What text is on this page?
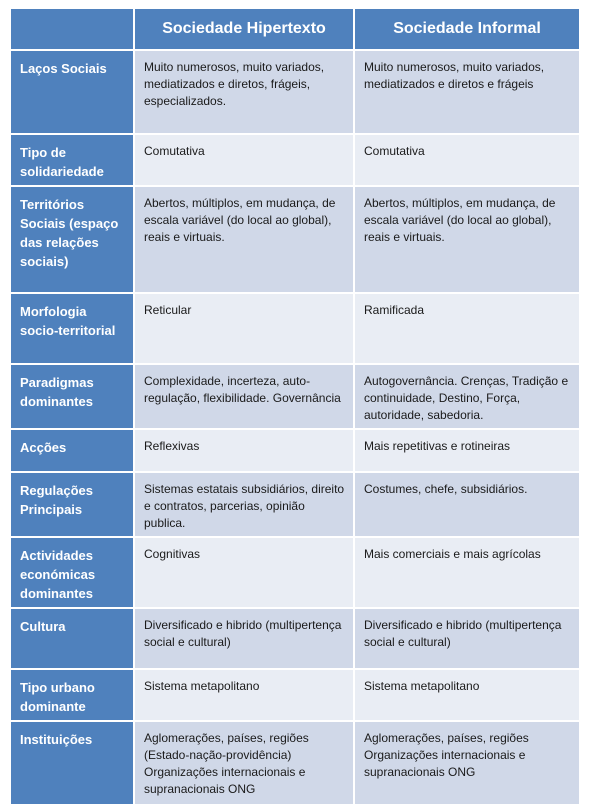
	Sociedade Hipertexto	Sociedade Informal
Laços Sociais	Muito numerosos, muito variados, mediatizados e diretos, frágeis, especializados.	Muito numerosos, muito variados, mediatizados e diretos e frágeis
Tipo de solidariedade	Comutativa	Comutativa
Territórios Sociais (espaço das relações sociais)	Abertos, múltiplos, em mudança, de escala variável (do local ao global), reais e virtuais.	Abertos, múltiplos, em mudança, de escala variável (do local ao global), reais e virtuais.
Morfologia socio-territorial	Reticular	Ramificada
Paradigmas dominantes	Complexidade, incerteza, auto-regulação, flexibilidade. Governância	Autogovernância. Crenças, Tradição e continuidade, Destino, Força, autoridade, sabedoria.
Acções	Reflexivas	Mais repetitivas e rotineiras
Regulações Principais	Sistemas estatais subsidiários, direito e contratos, parcerias, opinião publica.	Costumes, chefe, subsidiários.
Actividades económicas dominantes	Cognitivas	Mais comerciais e mais agrícolas
Cultura	Diversificado e hibrido (multipertença social e cultural)	Diversificado e hibrido (multipertença social e cultural)
Tipo urbano dominante	Sistema metapolitano	Sistema metapolitano
Instituições	Aglomerações, países, regiões (Estado-nação-providência) Organizações internacionais e supranacionais ONG	Aglomerações, países, regiões Organizações internacionais e supranacionais ONG
